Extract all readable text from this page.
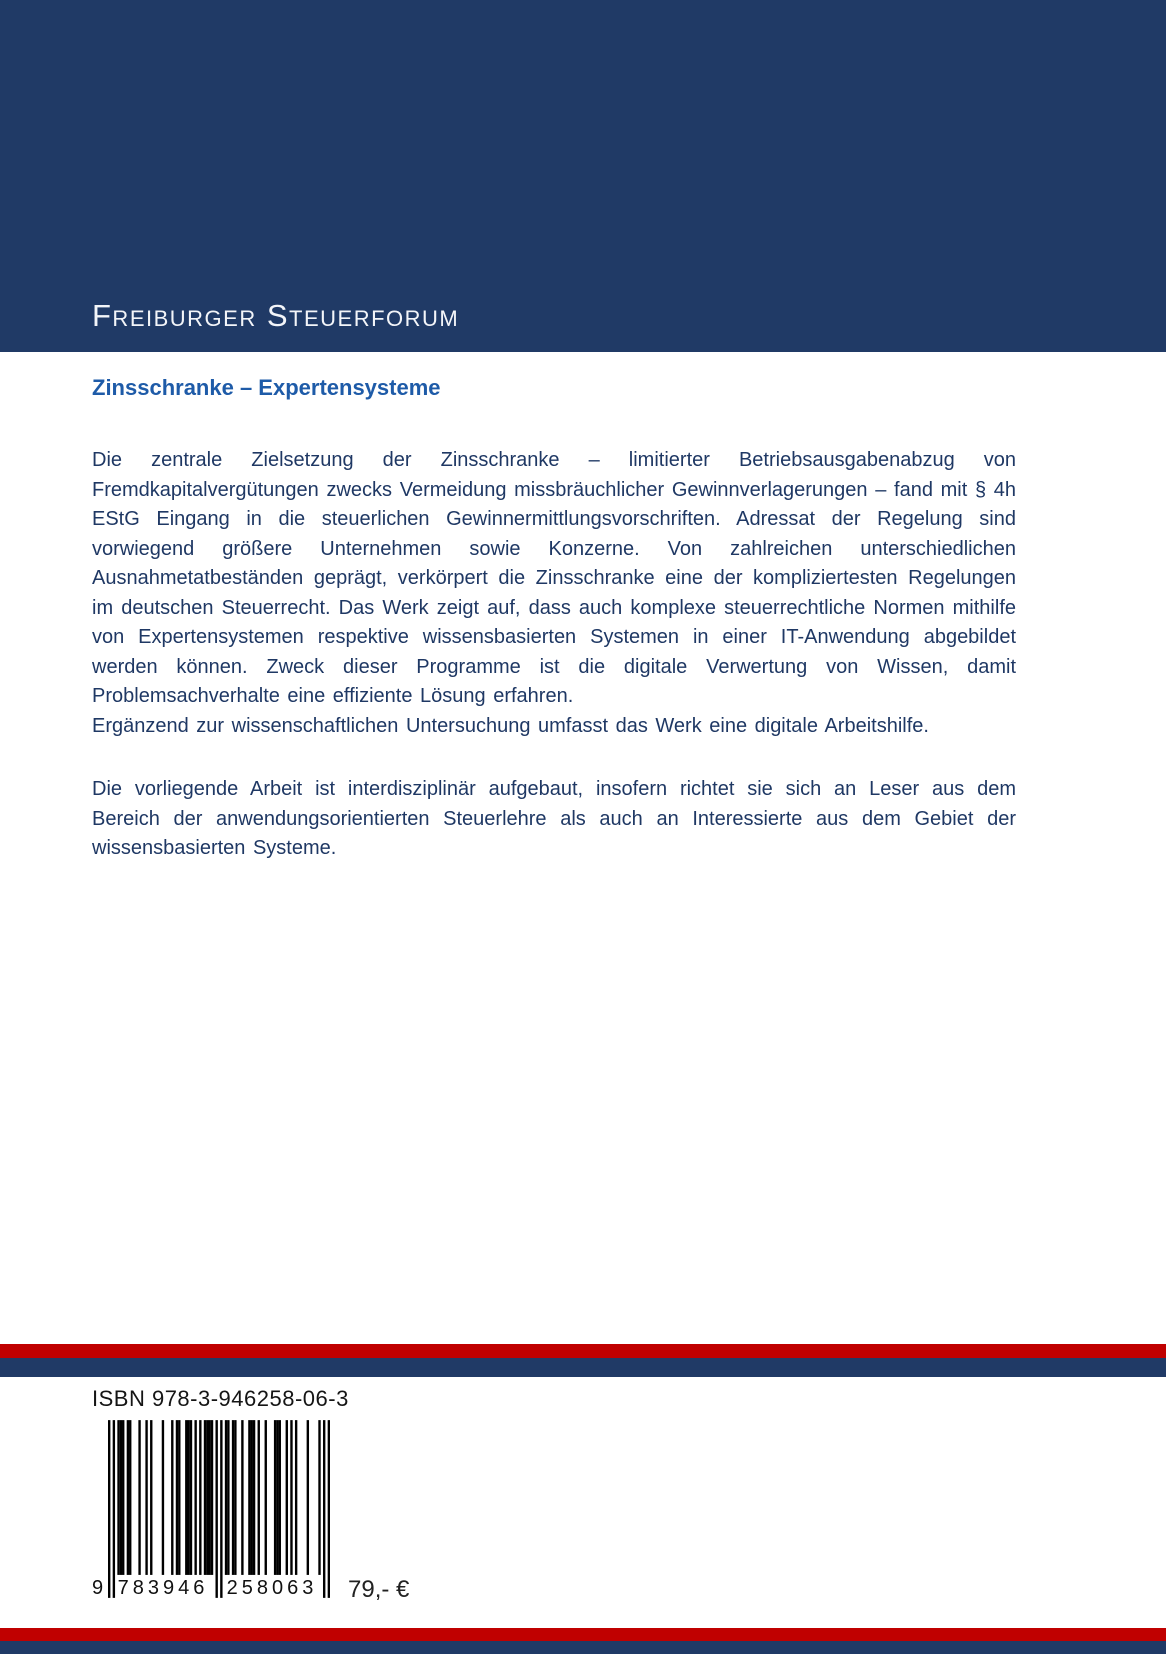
Freiburger Steuerforum
Zinsschranke – Expertensysteme

Die zentrale Zielsetzung der Zinsschranke – limitierter Betriebsausgabenabzug von Fremdkapitalvergütungen zwecks Vermeidung missbräuchlicher Gewinnverlagerungen – fand mit § 4h EStG Eingang in die steuerlichen Gewinnermittlungsvorschriften. Adressat der Regelung sind vorwiegend größere Unternehmen sowie Konzerne. Von zahlreichen unterschiedlichen Ausnahmetatbeständen geprägt, verkörpert die Zinsschranke eine der kompliziertesten Regelungen im deutschen Steuerrecht. Das Werk zeigt auf, dass auch komplexe steuerrechtliche Normen mithilfe von Expertensystemen respektive wissensbasierten Systemen in einer IT-Anwendung abgebildet werden können. Zweck dieser Programme ist die digitale Verwertung von Wissen, damit Problemsachverhalte eine effiziente Lösung erfahren.

Ergänzend zur wissenschaftlichen Untersuchung umfasst das Werk eine digitale Arbeitshilfe.

Die vorliegende Arbeit ist interdisziplinär aufgebaut, insofern richtet sie sich an Leser aus dem Bereich der anwendungsorientierten Steuerlehre als auch an Interessierte aus dem Gebiet der wissensbasierten Systeme.

ISBN 978-3-946258-06-3
9 783946 258063 79,- €
